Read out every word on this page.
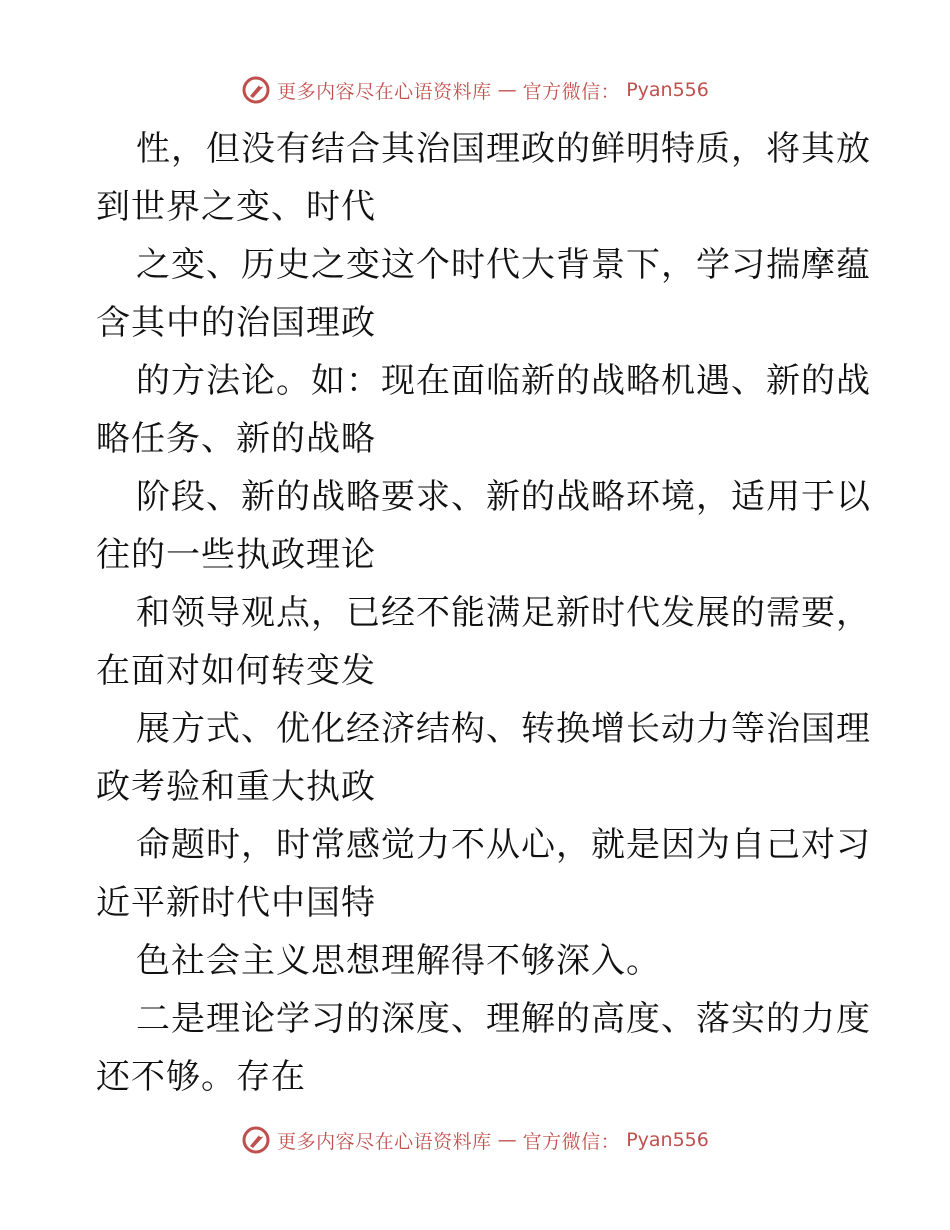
更多内容尽在心语资料库 — 官方微信： Pyan556

性，但没有结合其治国理政的鲜明特质，将其放

到世界之变、时代

之变、历史之变这个时代大背景下，学习揣摩蕴

含其中的治国理政

的方法论。如：现在面临新的战略机遇、新的战

略任务、新的战略

阶段、新的战略要求、新的战略环境，适用于以

往的一些执政理论

和领导观点，已经不能满足新时代发展的需要，

在面对如何转变发

展方式、优化经济结构、转换增长动力等治国理

政考验和重大执政

命题时，时常感觉力不从心，就是因为自己对习

近平新时代中国特

色社会主义思想理解得不够深入。

二是理论学习的深度、理解的高度、落实的力度

还不够。存在

更多内容尽在心语资料库 — 官方微信： Pyan556
